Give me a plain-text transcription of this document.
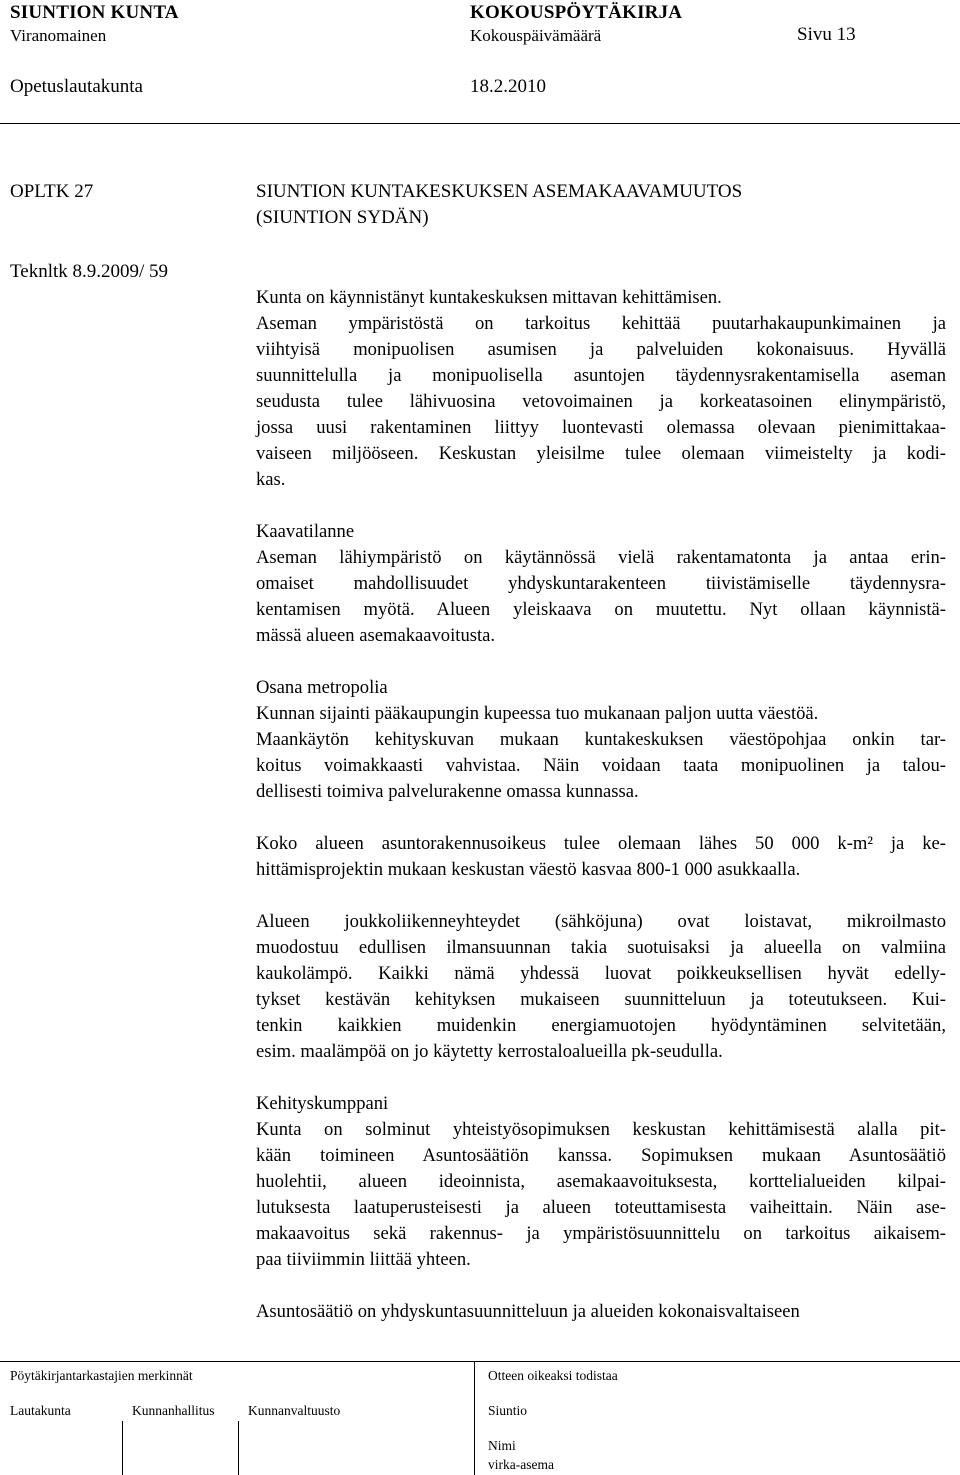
SIUNTION KUNTA	KOKOUSPÖYTÄKIRJA
Viranomainen	Kokouspäivämäärä	Sivu 13
Opetuslautakunta	18.2.2010
OPLTK 27
Teknltk 8.9.2009/ 59
SIUNTION KUNTAKESKUKSEN ASEMAKAAVAMUUTOS
(SIUNTION SYDÄN)

Kunta on käynnistänyt kuntakeskuksen mittavan kehittämisen.
Aseman ympäristöstä on tarkoitus kehittää puutarhakaupunkimainen ja
viihtyisä monipuolisen asumisen ja palveluiden kokonaisuus. Hyvällä
suunnittelulla ja monipuolisella asuntojen täydennysrakentamisella aseman
seudusta tulee lähivuosina vetovoimainen ja korkeatasoinen elinympäristö,
jossa uusi rakentaminen liittyy luontevasti olemassa olevaan pienimittakaa-
vaiseen miljööseen. Keskustan yleisilme tulee olemaan viimeistelty ja kodi-
kas.

Kaavatilanne
Aseman lähiympäristö on käytännössä vielä rakentamatonta ja antaa erin-
omaiset mahdollisuudet yhdyskuntarakenteen tiivistämiselle täydennysra-
kentamisen myötä. Alueen yleiskaava on muutettu. Nyt ollaan käynnistä-
mässä alueen asemakaavoitusta.

Osana metropolia
Kunnan sijainti pääkaupungin kupeessa tuo mukanaan paljon uutta väestöä.
Maankäytön kehityskuvan mukaan kuntakeskuksen väestöpohjaa onkin tar-
koitus voimakkaasti vahvistaa. Näin voidaan taata monipuolinen ja talou-
dellisesti toimiva palvelurakenne omassa kunnassa.

Koko alueen asuntorakennusoikeus tulee olemaan lähes 50 000 k-m² ja ke-
hittämisprojektin mukaan keskustan väestö kasvaa 800-1 000 asukkaalla.

Alueen joukkoliikenneyhteydet (sähköjuna) ovat loistavat, mikroilmasto
muodostuu edullisen ilmansuunnan takia suotuisaksi ja alueella on valmiina
kaukolämpö. Kaikki nämä yhdessä luovat poikkeuksellisen hyvät edelly-
tykset kestävän kehityksen mukaiseen suunnitteluun ja toteutukseen. Kui-
tenkin kaikkien muidenkin energiamuotojen hyödyntäminen selvitetään,
esim. maalämpöä on jo käytetty kerrostaloalueilla pk-seudulla.

Kehityskumppani
Kunta on solminut yhteistyösopimuksen keskustan kehittämisestä alalla pit-
kään toimineen Asuntosäätiön kanssa. Sopimuksen mukaan Asuntosäätiö
huolehtii, alueen ideoinnista, asemakaavoituksesta, korttelialueiden kilpai-
lutuksesta laatuperusteisesti ja alueen toteuttamisesta vaiheittain. Näin ase-
makaavoitus sekä rakennus- ja ympäristösuunnittelu on tarkoitus aikaisem-
paa tiiviimmin liittää yhteen.

Asuntosäätiö on yhdyskuntasuunnitteluun ja alueiden kokonaisvaltaiseen

Pöytäkirjantarkastajien merkinnät	Otteen oikeaksi todistaa
Lautakunta	Kunnanhallitus Kunnanvaltuusto	Siuntio
Nimi
virka-asema
